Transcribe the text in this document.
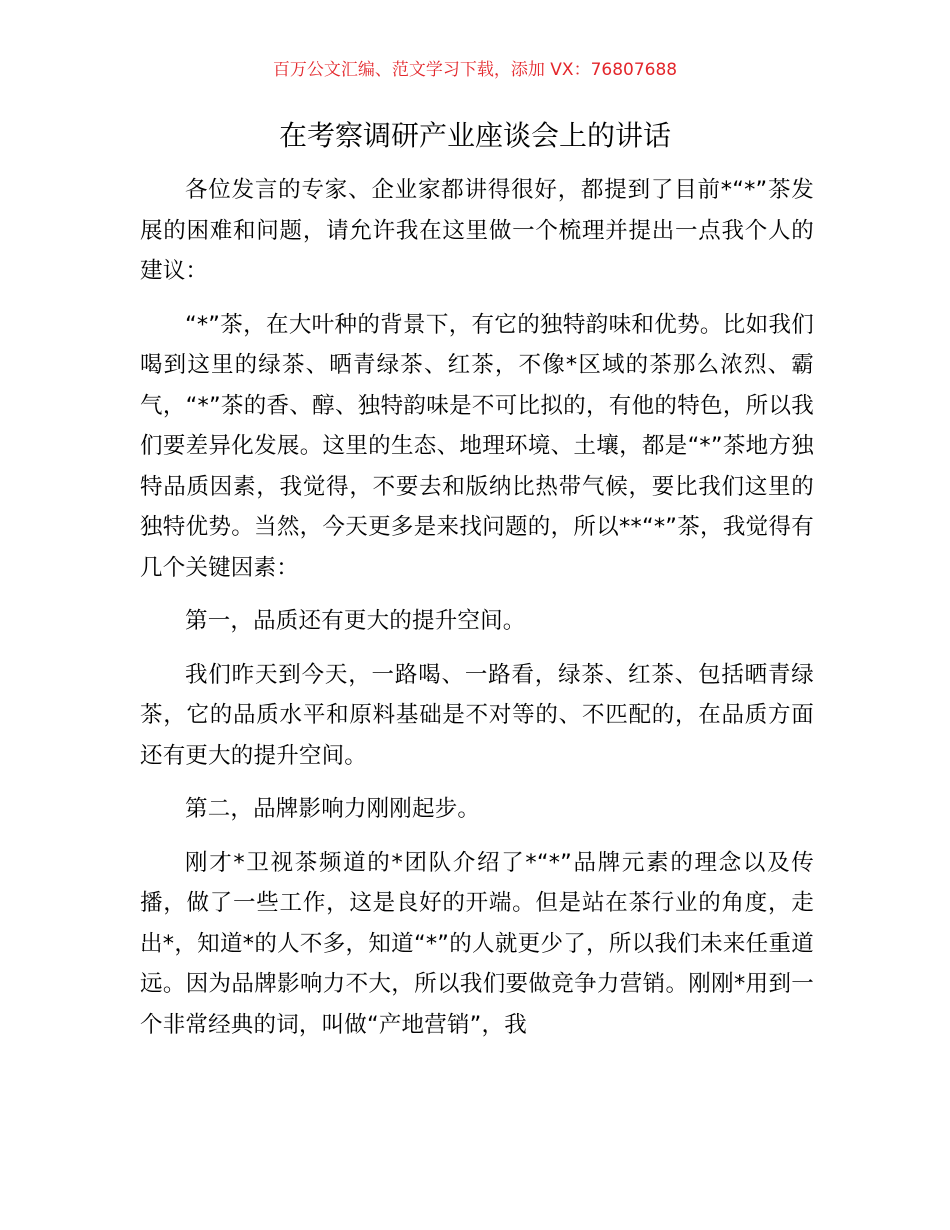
百万公文汇编、范文学习下载，添加 VX：76807688
在考察调研产业座谈会上的讲话

各位发言的专家、企业家都讲得很好，都提到了目前*“*”茶发展的困难和问题，请允许我在这里做一个梳理并提出一点我个人的建议：

“*”茶，在大叶种的背景下，有它的独特韵味和优势。比如我们喝到这里的绿茶、晒青绿茶、红茶，不像*区域的茶那么浓烈、霸气，“*”茶的香、醇、独特韵味是不可比拟的，有他的特色，所以我们要差异化发展。这里的生态、地理环境、土壤，都是“*”茶地方独特品质因素，我觉得，不要去和版纳比热带气候，要比我们这里的独特优势。当然，今天更多是来找问题的，所以**“*”茶，我觉得有几个关键因素：

第一，品质还有更大的提升空间。

我们昨天到今天，一路喝、一路看，绿茶、红茶、包括晒青绿茶，它的品质水平和原料基础是不对等的、不匹配的，在品质方面还有更大的提升空间。

第二，品牌影响力刚刚起步。

刚才*卫视茶频道的*团队介绍了*“*”品牌元素的理念以及传播，做了一些工作，这是良好的开端。但是站在茶行业的角度，走出*，知道*的人不多，知道“*”的人就更少了，所以我们未来任重道远。因为品牌影响力不大，所以我们要做竞争力营销。刚刚*用到一个非常经典的词，叫做“产地营销”，我
